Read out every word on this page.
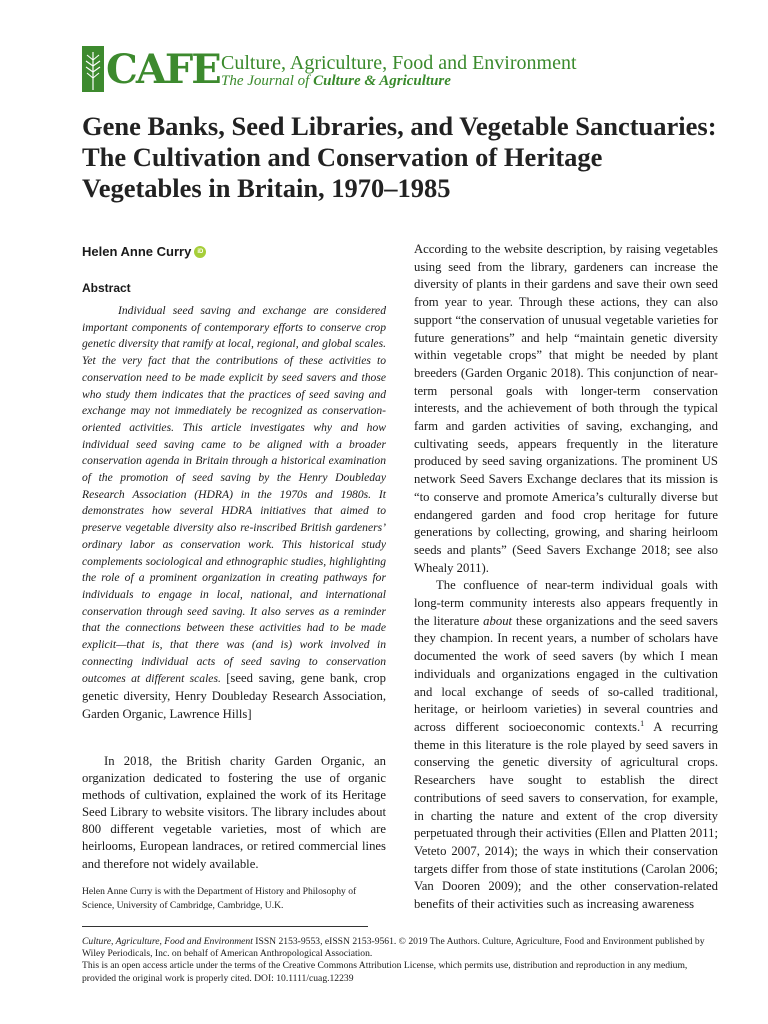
CAFE Culture, Agriculture, Food and Environment
The Journal of Culture & Agriculture
Gene Banks, Seed Libraries, and Vegetable Sanctuaries: The Cultivation and Conservation of Heritage Vegetables in Britain, 1970–1985
Helen Anne Curry	iD
Abstract

Individual seed saving and exchange are considered important components of contemporary efforts to conserve crop genetic diversity that ramify at local, regional, and global scales. Yet the very fact that the contributions of these activities to conservation need to be made explicit by seed savers and those who study them indicates that the practices of seed saving and exchange may not immediately be recognized as conservation-oriented activities. This article investigates why and how individual seed saving came to be aligned with a broader conservation agenda in Britain through a historical examination of the promotion of seed saving by the Henry Doubleday Research Association (HDRA) in the 1970s and 1980s. It demonstrates how several HDRA initiatives that aimed to preserve vegetable diversity also re-inscribed British gardeners’ ordinary labor as conservation work. This historical study complements sociological and ethnographic studies, highlighting the role of a prominent organization in creating pathways for individuals to engage in local, national, and international conservation through seed saving. It also serves as a reminder that the connections between these activities had to be made explicit—that is, that there was (and is) work involved in connecting individual acts of seed saving to conservation outcomes at different scales. [seed saving, gene bank, crop genetic diversity, Henry Doubleday Research Association, Garden Organic, Lawrence Hills]

In 2018, the British charity Garden Organic, an organization dedicated to fostering the use of organic methods of cultivation, explained the work of its Heritage Seed Library to website visitors. The library includes about 800 different vegetable varieties, most of which are heirlooms, European landraces, or retired commercial lines and therefore not widely available.

Helen Anne Curry is with the Department of History and Philosophy of Science, University of Cambridge, Cambridge, U.K.

According to the website description, by raising vegetables using seed from the library, gardeners can increase the diversity of plants in their gardens and save their own seed from year to year. Through these actions, they can also support “the conservation of unusual vegetable varieties for future generations” and help “maintain genetic diversity within vegetable crops” that might be needed by plant breeders (Garden Organic 2018). This conjunction of near-term personal goals with longer-term conservation interests, and the achievement of both through the typical farm and garden activities of saving, exchanging, and cultivating seeds, appears frequently in the literature produced by seed saving organizations. The prominent US network Seed Savers Exchange declares that its mission is “to conserve and promote America’s culturally diverse but endangered garden and food crop heritage for future generations by collecting, growing, and sharing heirloom seeds and plants” (Seed Savers Exchange 2018; see also Whealy 2011).

The confluence of near-term individual goals with long-term community interests also appears frequently in the literature about these organizations and the seed savers they champion. In recent years, a number of scholars have documented the work of seed savers (by which I mean individuals and organizations engaged in the cultivation and local exchange of seeds of so-called traditional, heritage, or heirloom varieties) in several countries and across different socioeconomic contexts.$^1$ A recurring theme in this literature is the role played by seed savers in conserving the genetic diversity of agricultural crops. Researchers have sought to establish the direct contributions of seed savers to conservation, for example, in charting the nature and extent of the crop diversity perpetuated through their activities (Ellen and Platten 2011; Veteto 2007, 2014); the ways in which their conservation targets differ from those of state institutions (Carolan 2006; Van Dooren 2009); and the other conservation-related benefits of their activities such as increasing awareness

Culture, Agriculture, Food and Environment ISSN 2153-9553, eISSN 2153-9561. © 2019 The Authors. Culture, Agriculture, Food and Environment published by Wiley Periodicals, Inc. on behalf of American Anthropological Association.

This is an open access article under the terms of the Creative Commons Attribution License, which permits use, distribution and reproduction in any medium, provided the original work is properly cited. DOI: 10.1111/cuag.12239
